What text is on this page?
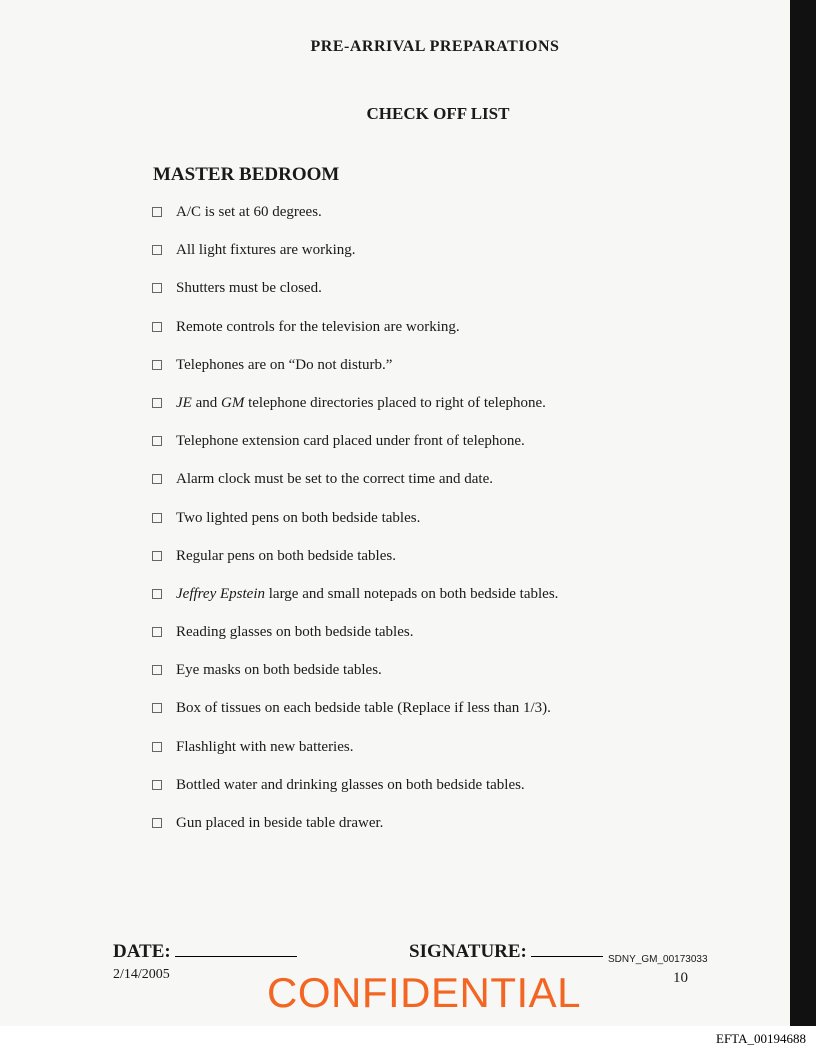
PRE-ARRIVAL PREPARATIONS
CHECK OFF LIST
MASTER BEDROOM
A/C is set at 60 degrees.
All light fixtures are working.
Shutters must be closed.
Remote controls for the television are working.
Telephones are on “Do not disturb.”
JE and GM telephone directories placed to right of telephone.
Telephone extension card placed under front of telephone.
Alarm clock must be set to the correct time and date.
Two lighted pens on both bedside tables.
Regular pens on both bedside tables.
Jeffrey Epstein large and small notepads on both bedside tables.
Reading glasses on both bedside tables.
Eye masks on both bedside tables.
Box of tissues on each bedside table (Replace if less than 1/3).
Flashlight with new batteries.
Bottled water and drinking glasses on both bedside tables.
Gun placed in beside table drawer.
DATE:	SIGNATURE:
2/14/2005
SDNY_GM_00173033
10
CONFIDENTIAL
EFTA_00194688
